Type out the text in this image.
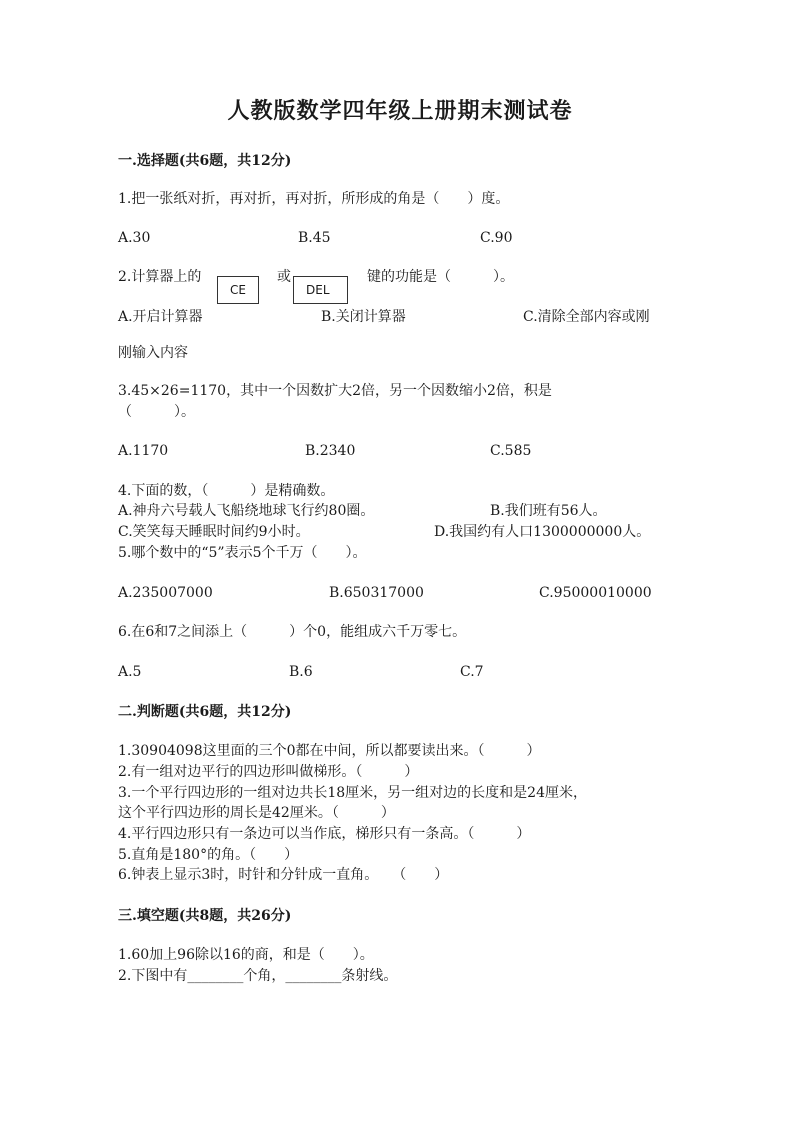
人教版数学四年级上册期末测试卷
一.选择题(共6题，共12分)
1.把一张纸对折，再对折，再对折，所形成的角是（　　）度。
A.30	B.45	C.90
2.计算器上的
CE
或
DEL
键的功能是（　　　）。
A.开启计算器	B.关闭计算器	C.清除全部内容或刚
刚输入内容
3.45×26=1170，其中一个因数扩大2倍，另一个因数缩小2倍，积是
（　　　）。
A.1170	B.2340	C.585
4.下面的数，（　　　）是精确数。
A.神舟六号载人飞船绕地球飞行约80圈。	B.我们班有56人。
C.笑笑每天睡眠时间约9小时。	D.我国约有人口1300000000人。
5.哪个数中的“5”表示5个千万（　　）。
A.235007000	B.650317000	C.95000010000
6.在6和7之间添上（　　　）个0，能组成六千万零七。
A.5	B.6	C.7
二.判断题(共6题，共12分)
1.30904098这里面的三个0都在中间，所以都要读出来。（　　　）
2.有一组对边平行的四边形叫做梯形。（　　　）
3.一个平行四边形的一组对边共长18厘米，另一组对边的长度和是24厘米，
这个平行四边形的周长是42厘米。（　　　）
4.平行四边形只有一条边可以当作底，梯形只有一条高。（　　　）
5.直角是180°的角。（　　）
6.钟表上显示3时，时针和分针成一直角。　　（　　）
三.填空题(共8题，共26分)
1.60加上96除以16的商，和是（　　）。
2.下图中有________个角，________条射线。
